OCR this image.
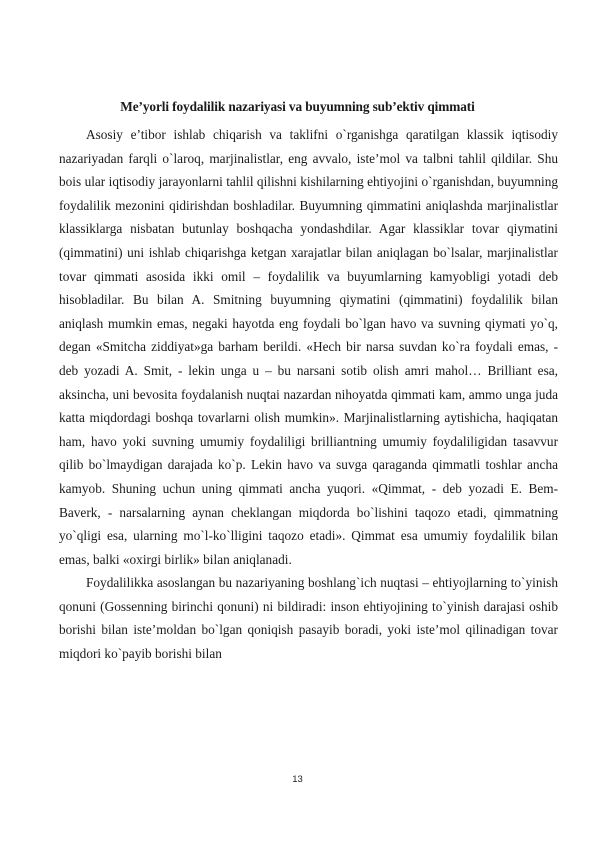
Me’yorli foydalilik nazariyasi va buyumning sub’ektiv qimmati

Asosiy e’tibor ishlab chiqarish va taklifni o`rganishga qaratilgan klassik iqtisodiy nazariyadan farqli o`laroq, marjinalistlar, eng avvalo, iste’mol va talbni tahlil qildilar. Shu bois ular iqtisodiy jarayonlarni tahlil qilishni kishilarning ehtiyojini o`rganishdan, buyumning foydalilik mezonini qidirishdan boshladilar. Buyumning qimmatini aniqlashda marjinalistlar klassiklarga nisbatan butunlay boshqacha yondashdilar. Agar klassiklar tovar qiymatini (qimmatini) uni ishlab chiqarishga ketgan xarajatlar bilan aniqlagan bo`lsalar, marjinalistlar tovar qimmati asosida ikki omil – foydalilik va buyumlarning kamyobligi yotadi deb hisobladilar. Bu bilan A. Smitning buyumning qiymatini (qimmatini) foydalilik bilan aniqlash mumkin emas, negaki hayotda eng foydali bo`lgan havo va suvning qiymati yo`q, degan «Smitcha ziddiyat»ga barham berildi. «Hech bir narsa suvdan ko`ra foydali emas, - deb yozadi A. Smit, - lekin unga u – bu narsani sotib olish amri mahol… Brilliant esa, aksincha, uni bevosita foydalanish nuqtai nazardan nihoyatda qimmati kam, ammo unga juda katta miqdordagi boshqa tovarlarni olish mumkin». Marjinalistlarning aytishicha, haqiqatan ham, havo yoki suvning umumiy foydaliligi brilliantning umumiy foydaliligidan tasavvur qilib bo`lmaydigan darajada ko`p. Lekin havo va suvga qaraganda qimmatli toshlar ancha kamyob. Shuning uchun uning qimmati ancha yuqori. «Qimmat, - deb yozadi E. Bem-Baverk, - narsalarning aynan cheklangan miqdorda bo`lishini taqozo etadi, qimmatning yo`qligi esa, ularning mo`l-ko`lligini taqozo etadi». Qimmat esa umumiy foydalilik bilan emas, balki «oxirgi birlik» bilan aniqlanadi.

Foydalilikka asoslangan bu nazariyaning boshlang`ich nuqtasi – ehtiyojlarning to`yinish qonuni (Gossenning birinchi qonuni) ni bildiradi: inson ehtiyojining to`yinish darajasi oshib borishi bilan iste’moldan bo`lgan qoniqish pasayib boradi, yoki iste’mol qilinadigan tovar miqdori ko`payib borishi bilan

13
